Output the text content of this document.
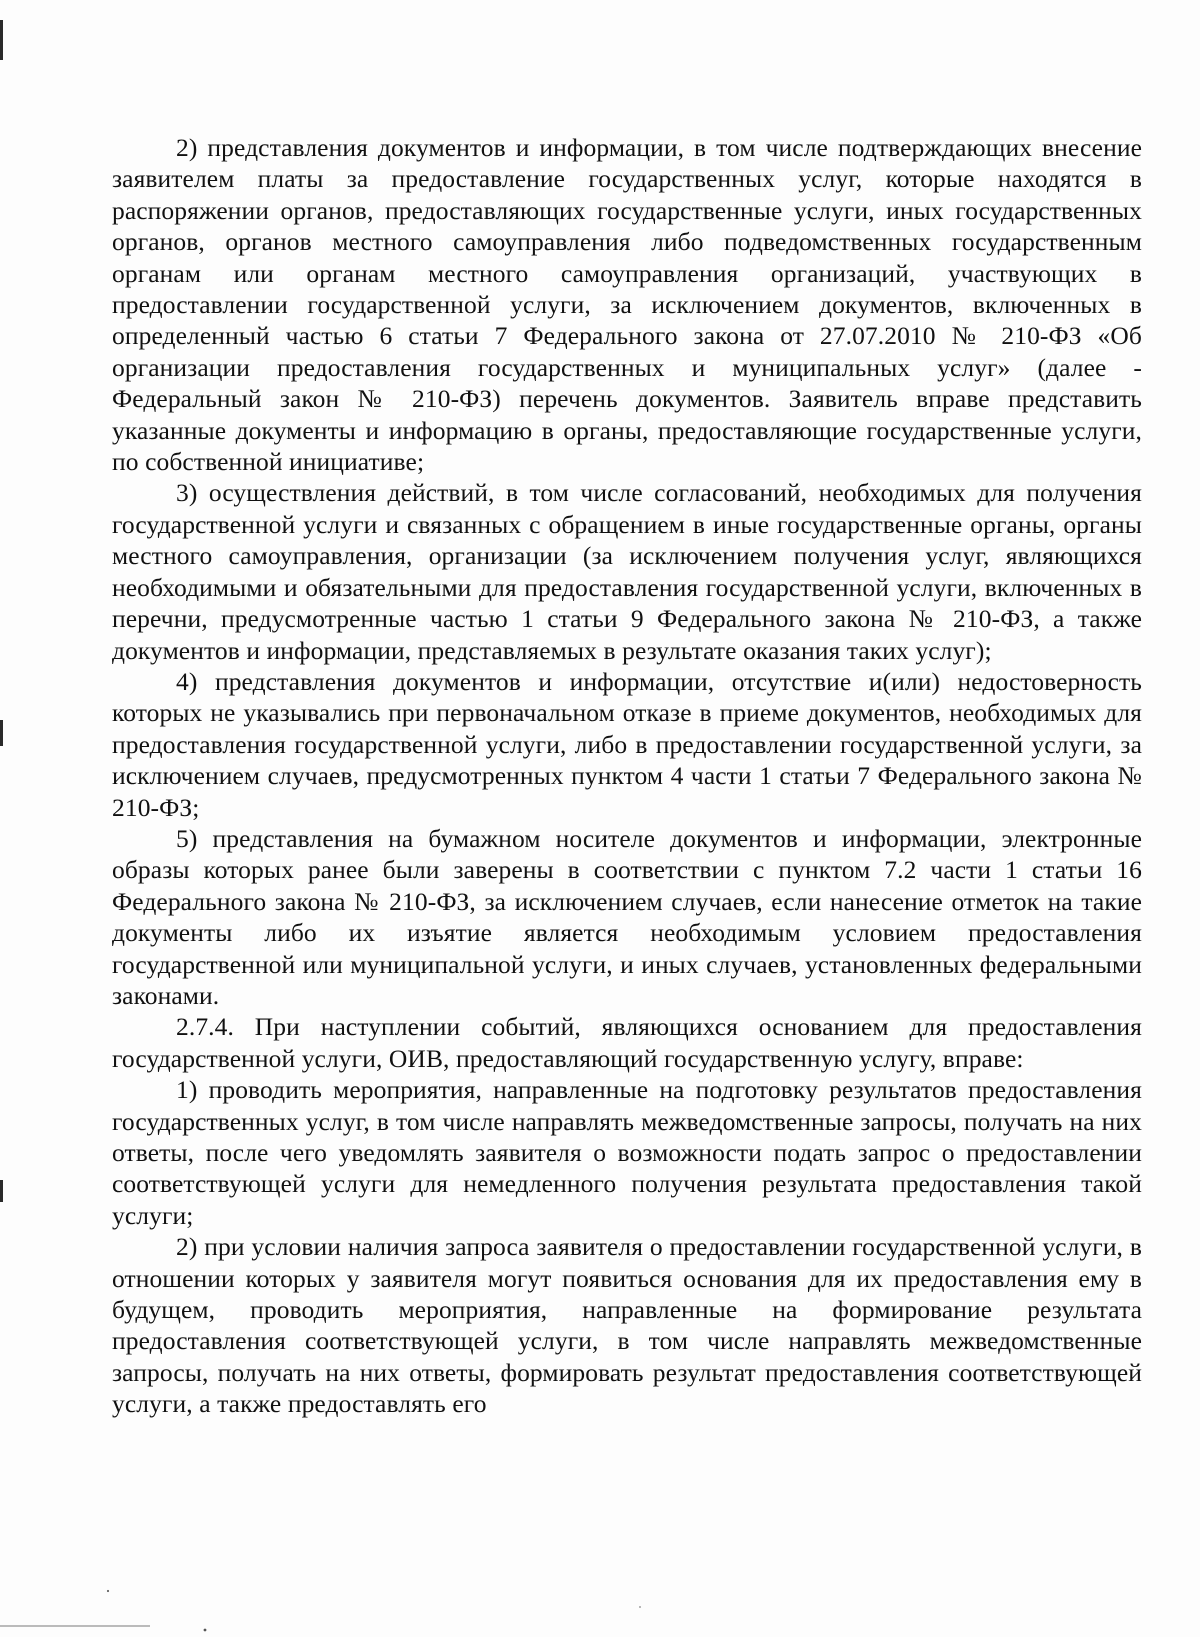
2) представления документов и информации, в том числе подтверждающих внесение заявителем платы за предоставление государственных услуг, которые находятся в распоряжении органов, предоставляющих государственные услуги, иных государственных органов, органов местного самоуправления либо подведомственных государственным органам или органам местного самоуправления организаций, участвующих в предоставлении государственной услуги, за исключением документов, включенных в определенный частью 6 статьи 7 Федерального закона от 27.07.2010 № 210-ФЗ «Об организации предоставления государственных и муниципальных услуг» (далее - Федеральный закон № 210-ФЗ) перечень документов. Заявитель вправе представить указанные документы и информацию в органы, предоставляющие государственные услуги, по собственной инициативе;

3) осуществления действий, в том числе согласований, необходимых для получения государственной услуги и связанных с обращением в иные государственные органы, органы местного самоуправления, организации (за исключением получения услуг, являющихся необходимыми и обязательными для предоставления государственной услуги, включенных в перечни, предусмотренные частью 1 статьи 9 Федерального закона № 210-ФЗ, а также документов и информации, представляемых в результате оказания таких услуг);

4) представления документов и информации, отсутствие и(или) недостоверность которых не указывались при первоначальном отказе в приеме документов, необходимых для предоставления государственной услуги, либо в предоставлении государственной услуги, за исключением случаев, предусмотренных пунктом 4 части 1 статьи 7 Федерального закона № 210-ФЗ;

5) представления на бумажном носителе документов и информации, электронные образы которых ранее были заверены в соответствии с пунктом 7.2 части 1 статьи 16 Федерального закона № 210-ФЗ, за исключением случаев, если нанесение отметок на такие документы либо их изъятие является необходимым условием предоставления государственной или муниципальной услуги, и иных случаев, установленных федеральными законами.

2.7.4. При наступлении событий, являющихся основанием для предоставления государственной услуги, ОИВ, предоставляющий государственную услугу, вправе:

1) проводить мероприятия, направленные на подготовку результатов предоставления государственных услуг, в том числе направлять межведомственные запросы, получать на них ответы, после чего уведомлять заявителя о возможности подать запрос о предоставлении соответствующей услуги для немедленного получения результата предоставления такой услуги;

2) при условии наличия запроса заявителя о предоставлении государственной услуги, в отношении которых у заявителя могут появиться основания для их предоставления ему в будущем, проводить мероприятия, направленные на формирование результата предоставления соответствующей услуги, в том числе направлять межведомственные запросы, получать на них ответы, формировать результат предоставления соответствующей услуги, а также предоставлять его
